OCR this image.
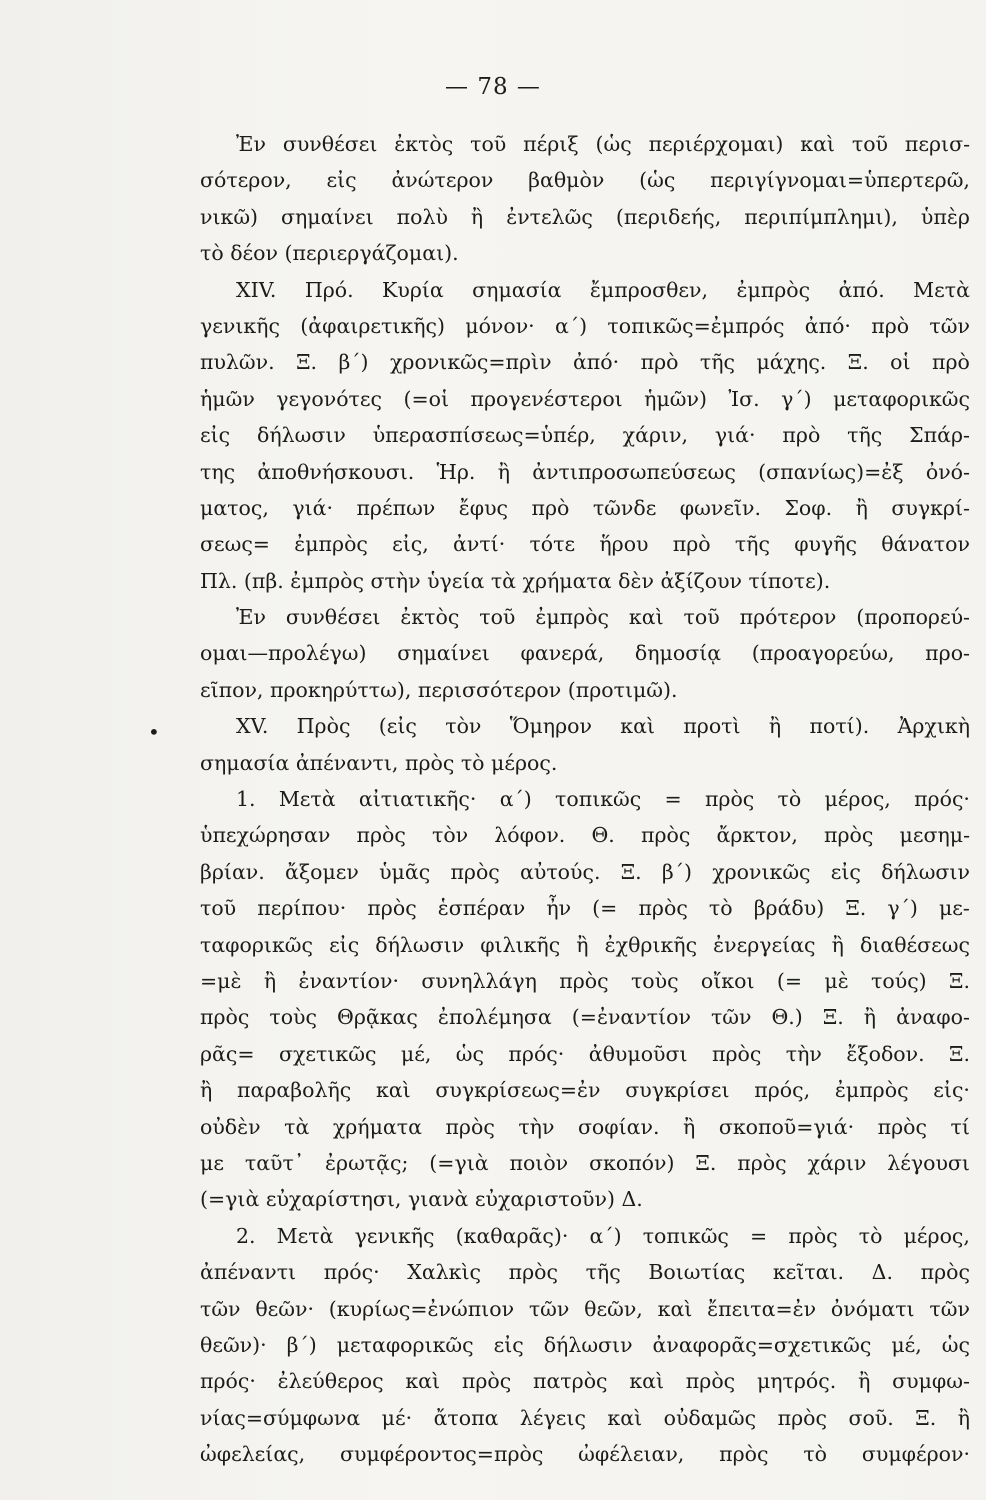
— 78 —
•
Ἐν συνθέσει ἐκτὸς τοῦ πέριξ (ὡς περιέρχομαι) καὶ τοῦ περισ-
σότερον, εἰς ἀνώτερον βαθμὸν (ὡς περιγίγνομαι=ὑπερτερῶ,
νικῶ) σημαίνει πολὺ ἢ ἐντελῶς (περιδεής, περιπίμπλημι), ὑπὲρ
τὸ δέον (περιεργάζομαι).
XIV. Πρό. Κυρία σημασία ἔμπροσθεν, ἐμπρὸς ἀπό. Μετὰ
γενικῆς (ἀφαιρετικῆς) μόνον· α΄) τοπικῶς=ἐμπρός ἀπό· πρὸ τῶν
πυλῶν. Ξ. β΄) χρονικῶς=πρὶν ἀπό· πρὸ τῆς μάχης. Ξ. οἱ πρὸ
ἡμῶν γεγονότες (=οἱ προγενέστεροι ἡμῶν) Ἰσ. γ΄) μεταφορικῶς
εἰς δήλωσιν ὑπερασπίσεως=ὑπέρ, χάριν, γιά· πρὸ τῆς Σπάρ-
της ἀποθνήσκουσι. Ἡρ. ἢ ἀντιπροσωπεύσεως (σπανίως)=ἐξ ὀνό-
ματος, γιά· πρέπων ἔφυς πρὸ τῶνδε φωνεῖν. Σοφ. ἢ συγκρί-
σεως= ἐμπρὸς εἰς, ἀντί· τότε ἥρου πρὸ τῆς φυγῆς θάνατον
Πλ. (πβ. ἐμπρὸς στὴν ὑγεία τὰ χρήματα δὲν ἀξίζουν τίποτε).
Ἐν συνθέσει ἐκτὸς τοῦ ἐμπρὸς καὶ τοῦ πρότερον (προπορεύ-
ομαι—προλέγω) σημαίνει φανερά, δημοσίᾳ (προαγορεύω, προ-
εῖπον, προκηρύττω), περισσότερον (προτιμῶ).
XV. Πρὸς (εἰς τὸν Ὅμηρον καὶ προτὶ ἢ ποτί). Ἀρχικὴ
σημασία ἀπέναντι, πρὸς τὸ μέρος.
1. Μετὰ αἰτιατικῆς· α΄) τοπικῶς = πρὸς τὸ μέρος, πρός·
ὑπεχώρησαν πρὸς τὸν λόφον. Θ. πρὸς ἄρκτον, πρὸς μεσημ-
βρίαν. ἄξομεν ὑμᾶς πρὸς αὐτούς. Ξ. β΄) χρονικῶς εἰς δήλωσιν
τοῦ περίπου· πρὸς ἑσπέραν ἦν (= πρὸς τὸ βράδυ) Ξ. γ΄) με-
ταφορικῶς εἰς δήλωσιν φιλικῆς ἢ ἐχθρικῆς ἐνεργείας ἢ διαθέσεως
=μὲ ἢ ἐναντίον· συνηλλάγη πρὸς τοὺς οἴκοι (= μὲ τούς) Ξ.
πρὸς τοὺς Θρᾷκας ἐπολέμησα (=ἐναντίον τῶν Θ.) Ξ. ἢ ἀναφο-
ρᾶς= σχετικῶς μέ, ὡς πρός· ἀθυμοῦσι πρὸς τὴν ἔξοδον. Ξ.
ἢ παραβολῆς καὶ συγκρίσεως=ἐν συγκρίσει πρός, ἐμπρὸς εἰς·
οὐδὲν τὰ χρήματα πρὸς τὴν σοφίαν. ἢ σκοποῦ=γιά· πρὸς τί
με ταῦτ᾽ ἐρωτᾷς; (=γιὰ ποιὸν σκοπόν) Ξ. πρὸς χάριν λέγουσι
(=γιὰ εὐχαρίστησι, γιανὰ εὐχαριστοῦν) Δ.
2. Μετὰ γενικῆς (καθαρᾶς)· α΄) τοπικῶς = πρὸς τὸ μέρος,
ἀπέναντι πρός· Χαλκὶς πρὸς τῆς Βοιωτίας κεῖται. Δ. πρὸς
τῶν θεῶν· (κυρίως=ἐνώπιον τῶν θεῶν, καὶ ἔπειτα=ἐν ὀνόματι τῶν
θεῶν)· β΄) μεταφορικῶς εἰς δήλωσιν ἀναφορᾶς=σχετικῶς μέ, ὡς
πρός· ἐλεύθερος καὶ πρὸς πατρὸς καὶ πρὸς μητρός. ἢ συμφω-
νίας=σύμφωνα μέ· ἄτοπα λέγεις καὶ οὐδαμῶς πρὸς σοῦ. Ξ. ἢ
ὠφελείας, συμφέροντος=πρὸς ὠφέλειαν, πρὸς τὸ συμφέρον·
